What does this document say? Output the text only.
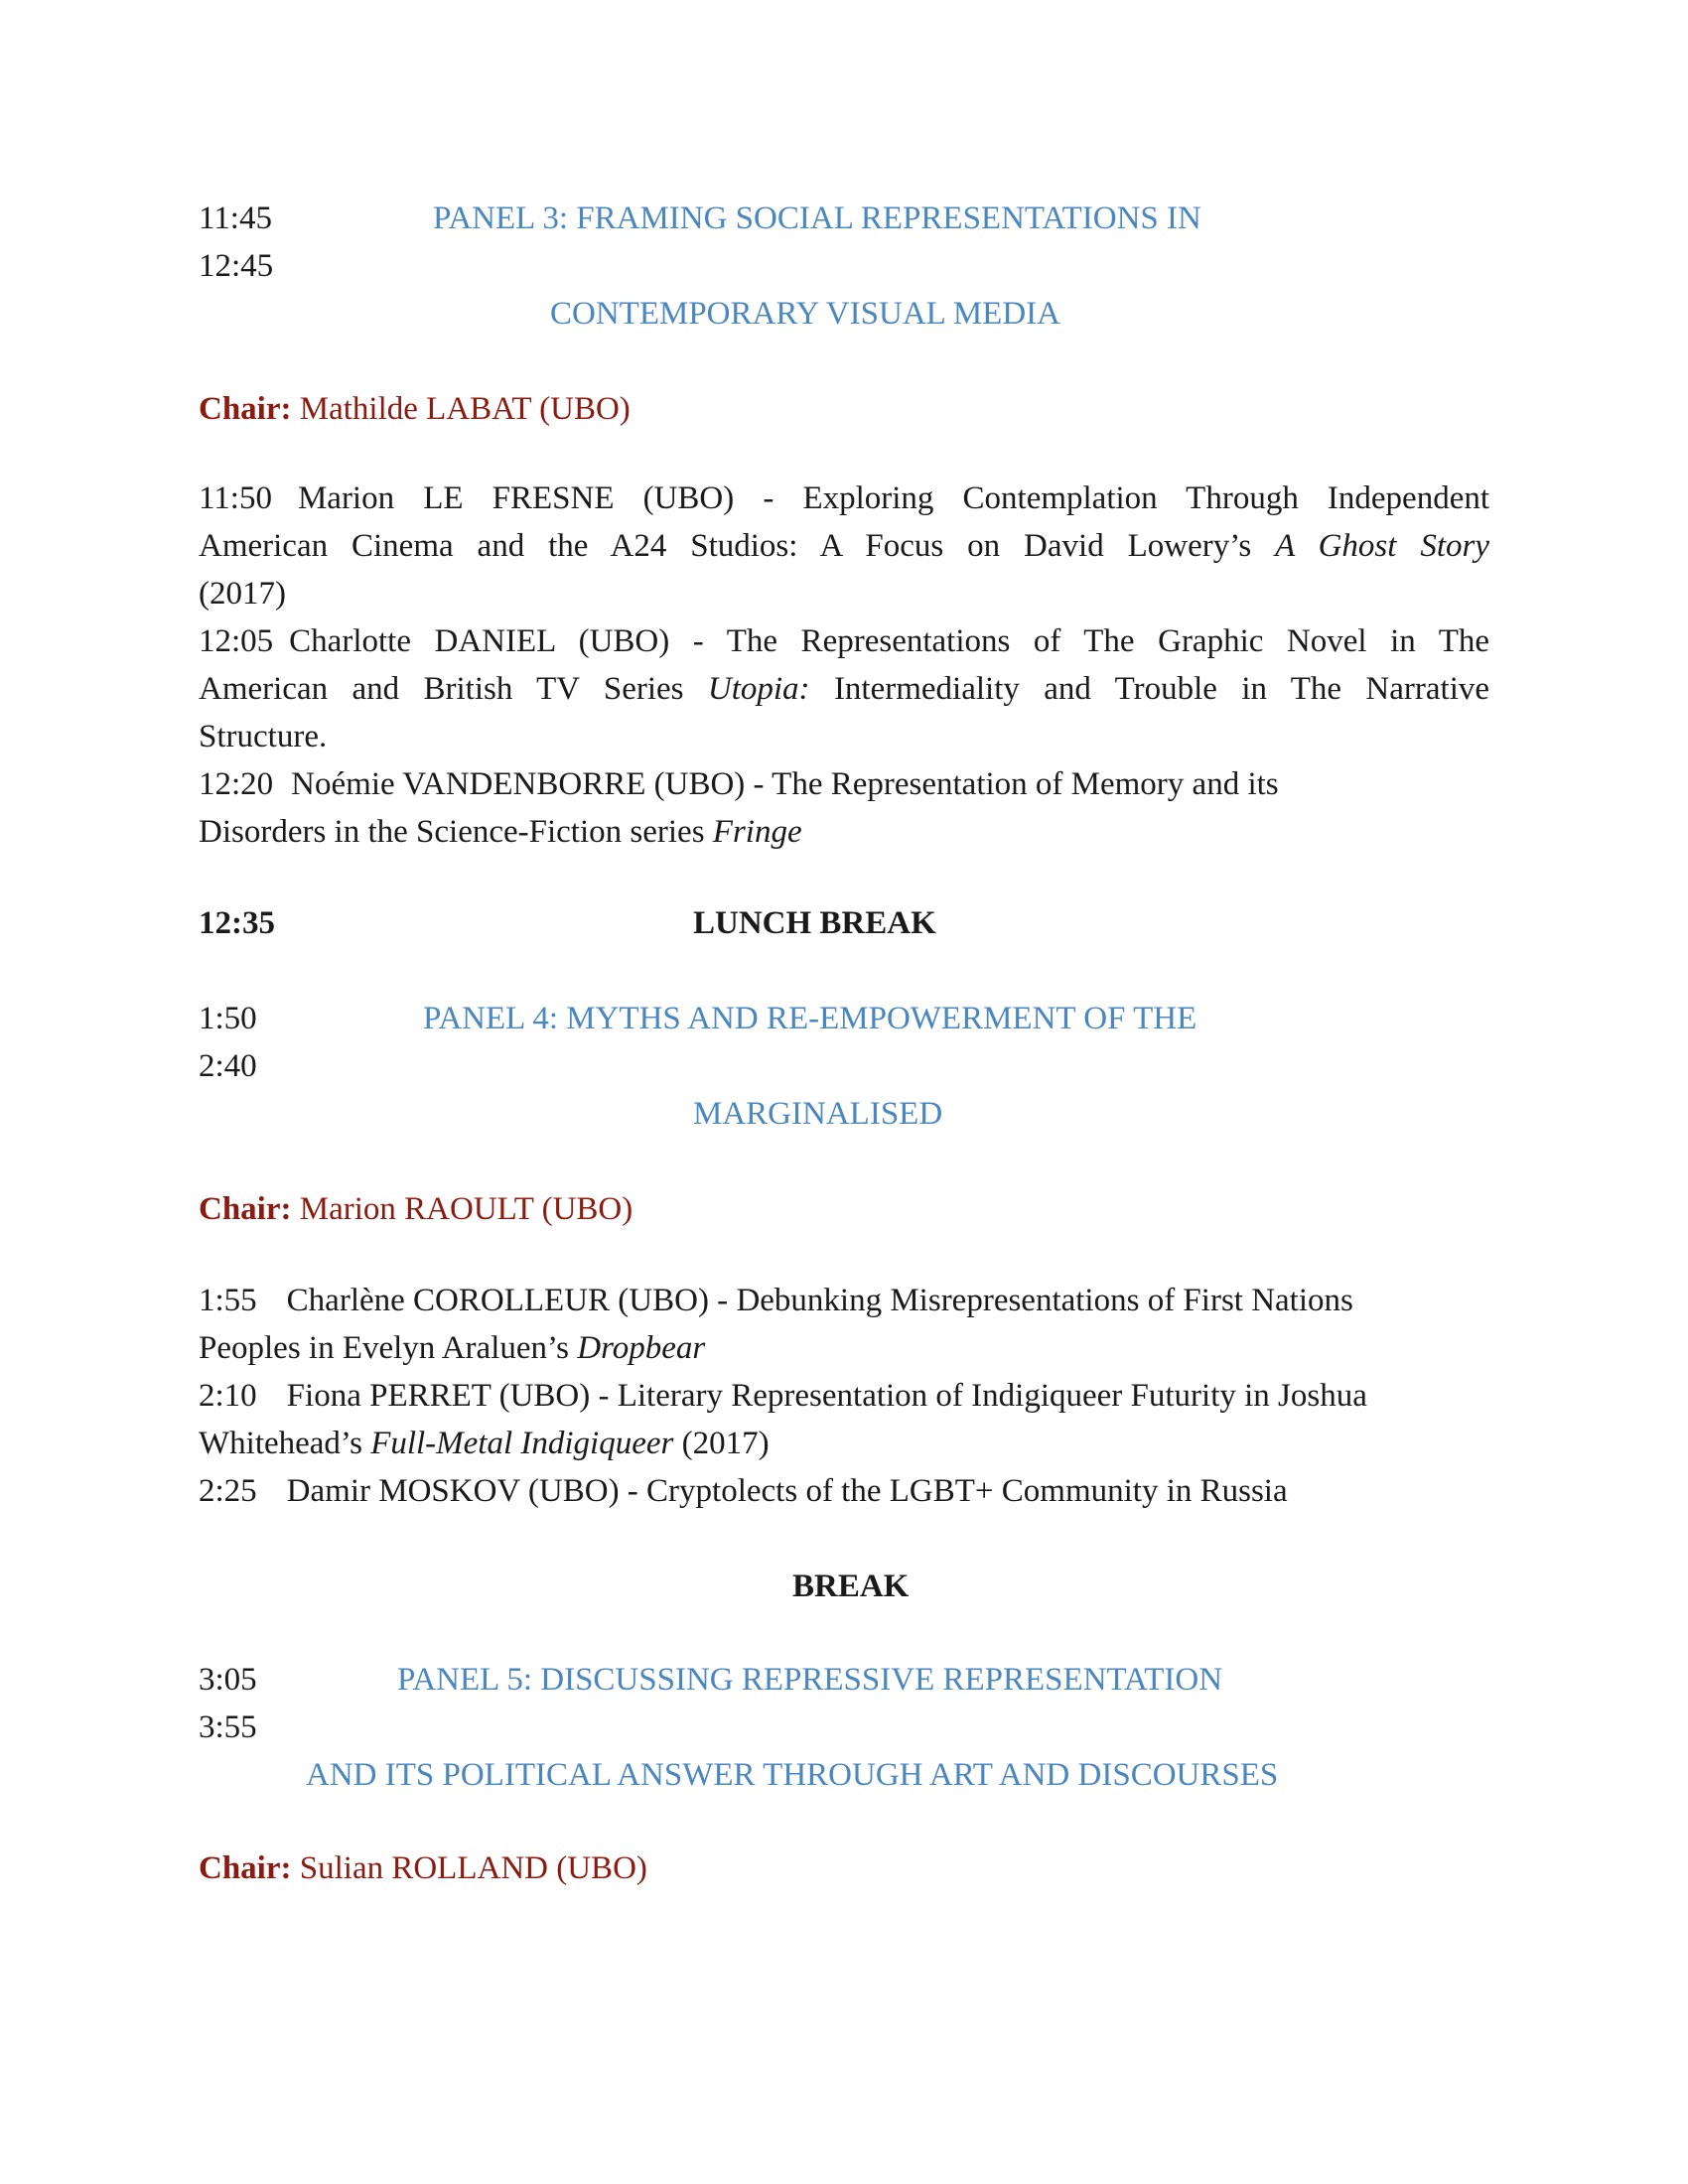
11:45
12:45
PANEL 3: FRAMING SOCIAL REPRESENTATIONS IN
CONTEMPORARY VISUAL MEDIA
Chair: Mathilde LABAT (UBO)
11:50 Marion LE FRESNE (UBO) - Exploring Contemplation Through Independent
American Cinema and the A24 Studios: A Focus on David Lowery’s A Ghost Story
(2017)
12:05 Charlotte DANIEL (UBO) - The Representations of The Graphic Novel in The
American and British TV Series Utopia: Intermediality and Trouble in The Narrative
Structure.
12:20 Noémie VANDENBORRE (UBO) - The Representation of Memory and its
Disorders in the Science-Fiction series Fringe
12:35	LUNCH BREAK
1:50
2:40
PANEL 4: MYTHS AND RE-EMPOWERMENT OF THE
MARGINALISED
Chair: Marion RAOULT (UBO)
1:55 Charlène COROLLEUR (UBO) - Debunking Misrepresentations of First Nations
Peoples in Evelyn Araluen’s Dropbear
2:10 Fiona PERRET (UBO) - Literary Representation of Indigiqueer Futurity in Joshua
Whitehead’s Full-Metal Indigiqueer (2017)
2:25 Damir MOSKOV (UBO) - Cryptolects of the LGBT+ Community in Russia
BREAK
3:05
3:55
PANEL 5: DISCUSSING REPRESSIVE REPRESENTATION
AND ITS POLITICAL ANSWER THROUGH ART AND DISCOURSES
Chair: Sulian ROLLAND (UBO)
